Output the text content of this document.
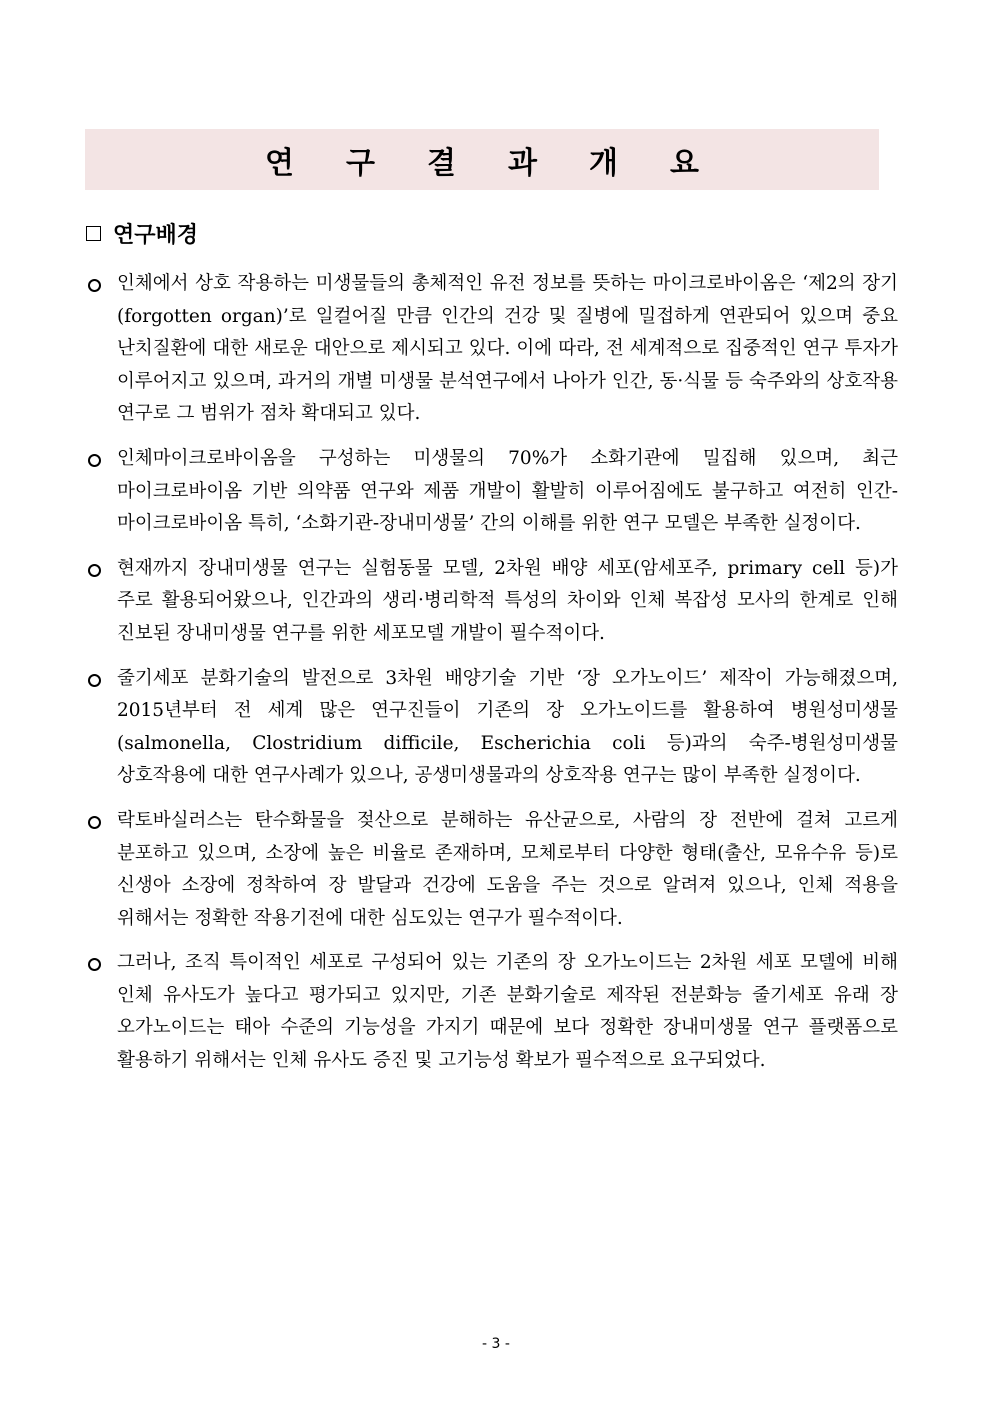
연구결과개요
연구배경
인체에서 상호 작용하는 미생물들의 총체적인 유전 정보를 뜻하는 마이크로바이옴은 ‘제2의 장기(forgotten organ)’로 일컬어질 만큼 인간의 건강 및 질병에 밀접하게 연관되어 있으며 중요 난치질환에 대한 새로운 대안으로 제시되고 있다. 이에 따라, 전 세계적으로 집중적인 연구 투자가 이루어지고 있으며, 과거의 개별 미생물 분석연구에서 나아가 인간, 동·식물 등 숙주와의 상호작용 연구로 그 범위가 점차 확대되고 있다.
인체마이크로바이옴을 구성하는 미생물의 70%가 소화기관에 밀집해 있으며, 최근 마이크로바이옴 기반 의약품 연구와 제품 개발이 활발히 이루어짐에도 불구하고 여전히 인간-마이크로바이옴 특히, ‘소화기관-장내미생물’ 간의 이해를 위한 연구 모델은 부족한 실정이다.
현재까지 장내미생물 연구는 실험동물 모델, 2차원 배양 세포(암세포주, primary cell 등)가 주로 활용되어왔으나, 인간과의 생리·병리학적 특성의 차이와 인체 복잡성 모사의 한계로 인해 진보된 장내미생물 연구를 위한 세포모델 개발이 필수적이다.
줄기세포 분화기술의 발전으로 3차원 배양기술 기반 ‘장 오가노이드’ 제작이 가능해졌으며, 2015년부터 전 세계 많은 연구진들이 기존의 장 오가노이드를 활용하여 병원성미생물(salmonella, Clostridium difficile, Escherichia coli 등)과의 숙주-병원성미생물 상호작용에 대한 연구사례가 있으나, 공생미생물과의 상호작용 연구는 많이 부족한 실정이다.
락토바실러스는 탄수화물을 젖산으로 분해하는 유산균으로, 사람의 장 전반에 걸쳐 고르게 분포하고 있으며, 소장에 높은 비율로 존재하며, 모체로부터 다양한 형태(출산, 모유수유 등)로 신생아 소장에 정착하여 장 발달과 건강에 도움을 주는 것으로 알려져 있으나, 인체 적용을 위해서는 정확한 작용기전에 대한 심도있는 연구가 필수적이다.
그러나, 조직 특이적인 세포로 구성되어 있는 기존의 장 오가노이드는 2차원 세포 모델에 비해 인체 유사도가 높다고 평가되고 있지만, 기존 분화기술로 제작된 전분화능 줄기세포 유래 장 오가노이드는 태아 수준의 기능성을 가지기 때문에 보다 정확한 장내미생물 연구 플랫폼으로 활용하기 위해서는 인체 유사도 증진 및 고기능성 확보가 필수적으로 요구되었다.
- 3 -
